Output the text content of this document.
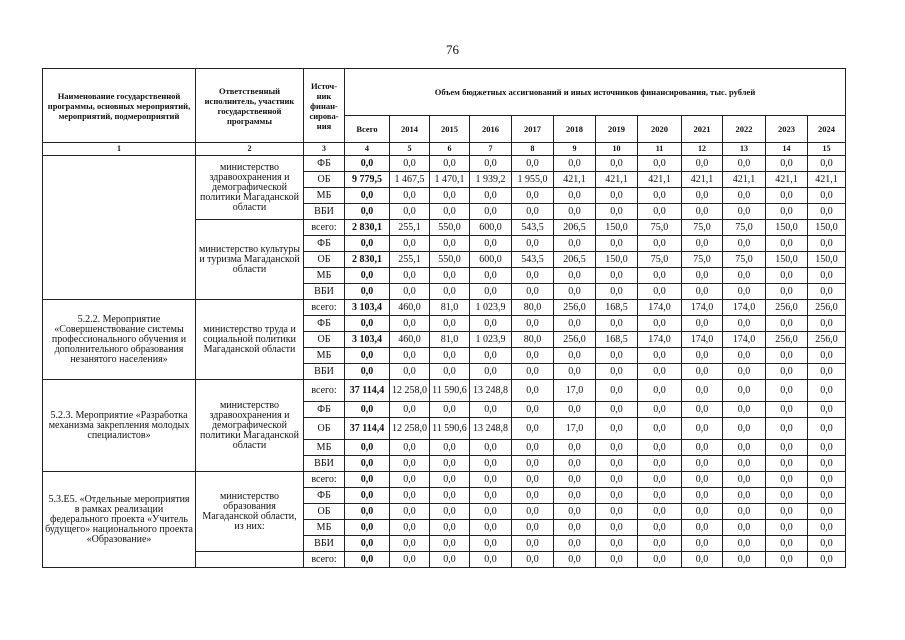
76
Наименование государственной программы, основных мероприятий, мероприятий, подмероприятий	Ответственный исполнитель, участник государственной программы	Источ-ник финан-сирова-ния	Объем бюджетных ассигнований и иных источников финансирования, тыс. рублей											
			Всего	2014	2015	2016	2017	2018	2019	2020	2021	2022	2023	2024
1	2	3	4	5	6	7	8	9	10	11	12	13	14	15
	министерство здравоохранения и демографической политики Магаданской области	ФБ	0,0	0,0	0,0	0,0	0,0	0,0	0,0	0,0	0,0	0,0	0,0	0,0
		ОБ	9 779,5	1 467,5	1 470,1	1 939,2	1 955,0	421,1	421,1	421,1	421,1	421,1	421,1	421,1
		МБ	0,0	0,0	0,0	0,0	0,0	0,0	0,0	0,0	0,0	0,0	0,0	0,0
		ВБИ	0,0	0,0	0,0	0,0	0,0	0,0	0,0	0,0	0,0	0,0	0,0	0,0
	министерство культуры и туризма Магаданской области	всего:	2 830,1	255,1	550,0	600,0	543,5	206,5	150,0	75,0	75,0	75,0	150,0	150,0
		ФБ	0,0	0,0	0,0	0,0	0,0	0,0	0,0	0,0	0,0	0,0	0,0	0,0
		ОБ	2 830,1	255,1	550,0	600,0	543,5	206,5	150,0	75,0	75,0	75,0	150,0	150,0
		МБ	0,0	0,0	0,0	0,0	0,0	0,0	0,0	0,0	0,0	0,0	0,0	0,0
		ВБИ	0,0	0,0	0,0	0,0	0,0	0,0	0,0	0,0	0,0	0,0	0,0	0,0
5.2.2. Мероприятие «Совершенствование системы профессионального обучения и дополнительного образования незанятого населения»	министерство труда и социальной политики Магаданской области	всего:	3 103,4	460,0	81,0	1 023,9	80,0	256,0	168,5	174,0	174,0	174,0	256,0	256,0
		ФБ	0,0	0,0	0,0	0,0	0,0	0,0	0,0	0,0	0,0	0,0	0,0	0,0
		ОБ	3 103,4	460,0	81,0	1 023,9	80,0	256,0	168,5	174,0	174,0	174,0	256,0	256,0
		МБ	0,0	0,0	0,0	0,0	0,0	0,0	0,0	0,0	0,0	0,0	0,0	0,0
		ВБИ	0,0	0,0	0,0	0,0	0,0	0,0	0,0	0,0	0,0	0,0	0,0	0,0
5.2.3. Мероприятие «Разработка механизма закрепления молодых специалистов»	министерство здравоохранения и демографической политики Магаданской области	всего:	37 114,4	12 258,0	11 590,6	13 248,8	0,0	17,0	0,0	0,0	0,0	0,0	0,0	0,0
		ФБ	0,0	0,0	0,0	0,0	0,0	0,0	0,0	0,0	0,0	0,0	0,0	0,0
		ОБ	37 114,4	12 258,0	11 590,6	13 248,8	0,0	17,0	0,0	0,0	0,0	0,0	0,0	0,0
		МБ	0,0	0,0	0,0	0,0	0,0	0,0	0,0	0,0	0,0	0,0	0,0	0,0
		ВБИ	0,0	0,0	0,0	0,0	0,0	0,0	0,0	0,0	0,0	0,0	0,0	0,0
5.3.Е5. «Отдельные мероприятия в рамках реализации федерального проекта «Учитель будущего» национального проекта «Образование»	министерство образования Магаданской области, из них:	всего:	0,0	0,0	0,0	0,0	0,0	0,0	0,0	0,0	0,0	0,0	0,0	0,0
		ФБ	0,0	0,0	0,0	0,0	0,0	0,0	0,0	0,0	0,0	0,0	0,0	0,0
		ОБ	0,0	0,0	0,0	0,0	0,0	0,0	0,0	0,0	0,0	0,0	0,0	0,0
		МБ	0,0	0,0	0,0	0,0	0,0	0,0	0,0	0,0	0,0	0,0	0,0	0,0
		ВБИ	0,0	0,0	0,0	0,0	0,0	0,0	0,0	0,0	0,0	0,0	0,0	0,0
		всего:	0,0	0,0	0,0	0,0	0,0	0,0	0,0	0,0	0,0	0,0	0,0	0,0
